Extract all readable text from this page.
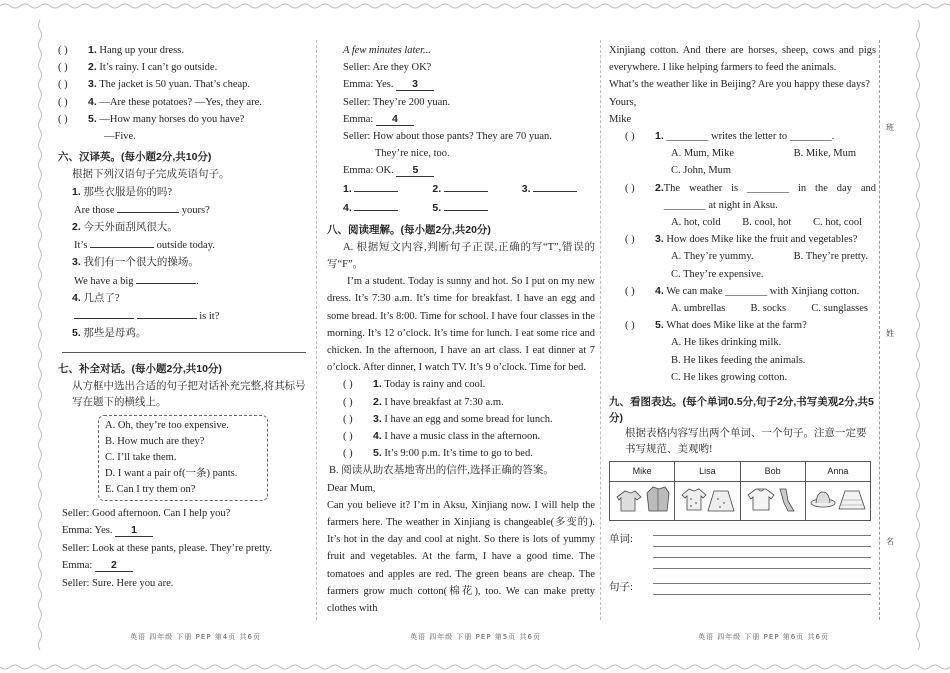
( ) 1. Hang up your dress.
( ) 2. It’s rainy. I can’t go outside.
( ) 3. The jacket is 50 yuan. That’s cheap.
( ) 4. —Are these potatoes? —Yes, they are.
( ) 5. —How many horses do you have?
—Five.
六、汉译英。(每小题2分,共10分)
根据下列汉语句子完成英语句子。
1. 那些衣服是你的吗?
Are those	yours?
2. 今天外面刮风很大。
It’s	outside today.
3. 我们有一个很大的操场。
We have a big	.
4. 几点了?
is it?
5. 那些是母鸡。
七、补全对话。(每小题2分,共10分)
从方框中选出合适的句子把对话补充完整,将其标号写在题下的横线上。
A. Oh, they’re too expensive.
B. How much are they?
C. I’ll take them.
D. I want a pair of(一条) pants.
E. Can I try them on?
Seller: Good afternoon. Can I help you?
Emma: Yes. 1
Seller: Look at these pants, please. They’re pretty.
Emma: 2
Seller: Sure. Here you are.
A few minutes later...
Seller: Are they OK?
Emma: Yes. 3
Seller: They’re 200 yuan.
Emma: 4
Seller: How about those pants? They are 70 yuan.
They’re nice, too.
Emma: OK. 5
1.	2.	3.
4.	5.
八、阅读理解。(每小题2分,共20分)
A. 根据短文内容,判断句子正误,正确的写“T”,错误的写“F”。
I’m a student. Today is sunny and hot. So I put on my new dress. It’s 7:30 a.m. It’s time for breakfast. I have an egg and some bread. It’s 8:00. Time for school. I have four classes in the morning. It’s 12 o’clock. It’s time for lunch. I eat some rice and chicken. In the afternoon, I have an art class. I eat dinner at 7 o’clock. After dinner, I watch TV. It’s 9 o’clock. Time for bed.
( ) 1. Today is rainy and cool.
( ) 2. I have breakfast at 7:30 a.m.
( ) 3. I have an egg and some bread for lunch.
( ) 4. I have a music class in the afternoon.
( ) 5. It’s 9:00 p.m. It’s time to go to bed.
B. 阅读从助农基地寄出的信件,选择正确的答案。
Dear Mum,
Can you believe it? I’m in Aksu, Xinjiang now. I will help the farmers here. The weather in Xinjiang is changeable(多变的). It’s hot in the day and cool at night. So there is lots of yummy fruit and vegetables. At the farm, I have a good time. The tomatoes and apples are red. The green beans are cheap. The farmers grow much cotton(棉花), too. We can make pretty clothes with
Xinjiang cotton. And there are horses, sheep, cows and pigs everywhere. I like helping farmers to feed the animals.
What’s the weather like in Beijing? Are you happy these days?
Yours,
Mike
( ) 1. ________ writes the letter to ________.
A. Mum, Mike	B. Mike, Mum
C. John, Mum
( )	2. The weather is ________ in the day and ________ at night in Aksu.
A. hot, cold B. cool, hot C. hot, cool
( ) 3. How does Mike like the fruit and vegetables?
A. They’re yummy.	B. They’re pretty.
C. They’re expensive.
( ) 4. We can make ________ with Xinjiang cotton.
A. umbrellas B. socks C. sunglasses
( ) 5. What does Mike like at the farm?
A. He likes drinking milk.
B. He likes feeding the animals.
C. He likes growing cotton.
九、看图表达。(每个单词0.5分,句子2分,书写美观2分,共5分)
根据表格内容写出两个单词、一个句子。注意一定要书写规范、美观哟!
Mike	Lisa	Bob	Anna

单词:

句子:

班
姓
名
英语 四年级 下册 PEP 第4页 共6页	英语 四年级 下册 PEP 第5页 共6页	英语 四年级 下册 PEP 第6页 共6页
